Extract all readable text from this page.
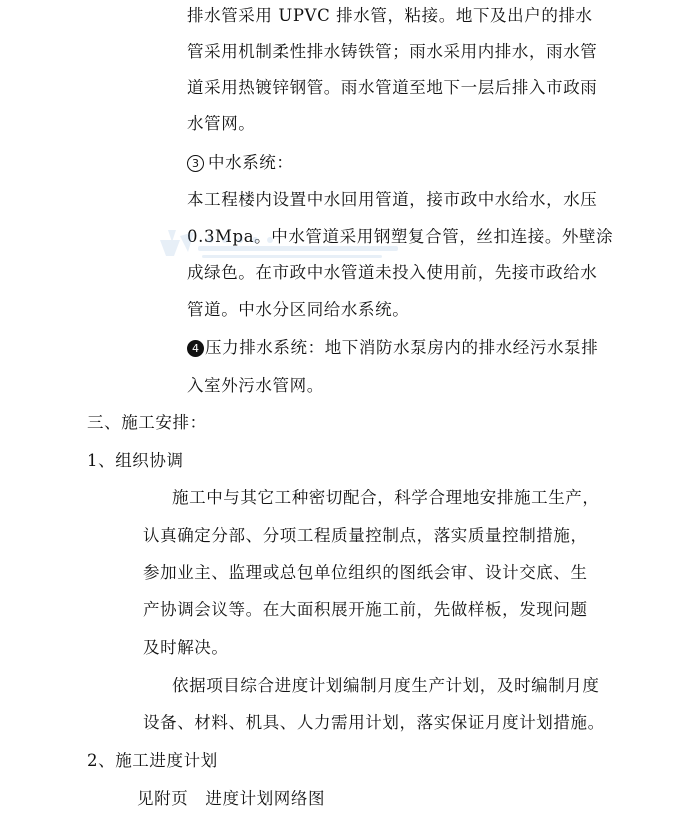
排水管采用 UPVC 排水管，粘接。地下及出户的排水
管采用机制柔性排水铸铁管；雨水采用内排水，雨水管
道采用热镀锌钢管。雨水管道至地下一层后排入市政雨
水管网。
3 中水系统：
本工程楼内设置中水回用管道，接市政中水给水，水压
0.3Mpa。中水管道采用钢塑复合管，丝扣连接。外壁涂
成绿色。在市政中水管道未投入使用前，先接市政给水
管道。中水分区同给水系统。
4 压力排水系统：地下消防水泵房内的排水经污水泵排
入室外污水管网。
三、施工安排：
1、组织协调
施工中与其它工种密切配合，科学合理地安排施工生产，
认真确定分部、分项工程质量控制点，落实质量控制措施，
参加业主、监理或总包单位组织的图纸会审、设计交底、生
产协调会议等。在大面积展开施工前，先做样板，发现问题
及时解决。
依据项目综合进度计划编制月度生产计划，及时编制月度
设备、材料、机具、人力需用计划，落实保证月度计划措施。
2、施工进度计划
见附页　进度计划网络图
